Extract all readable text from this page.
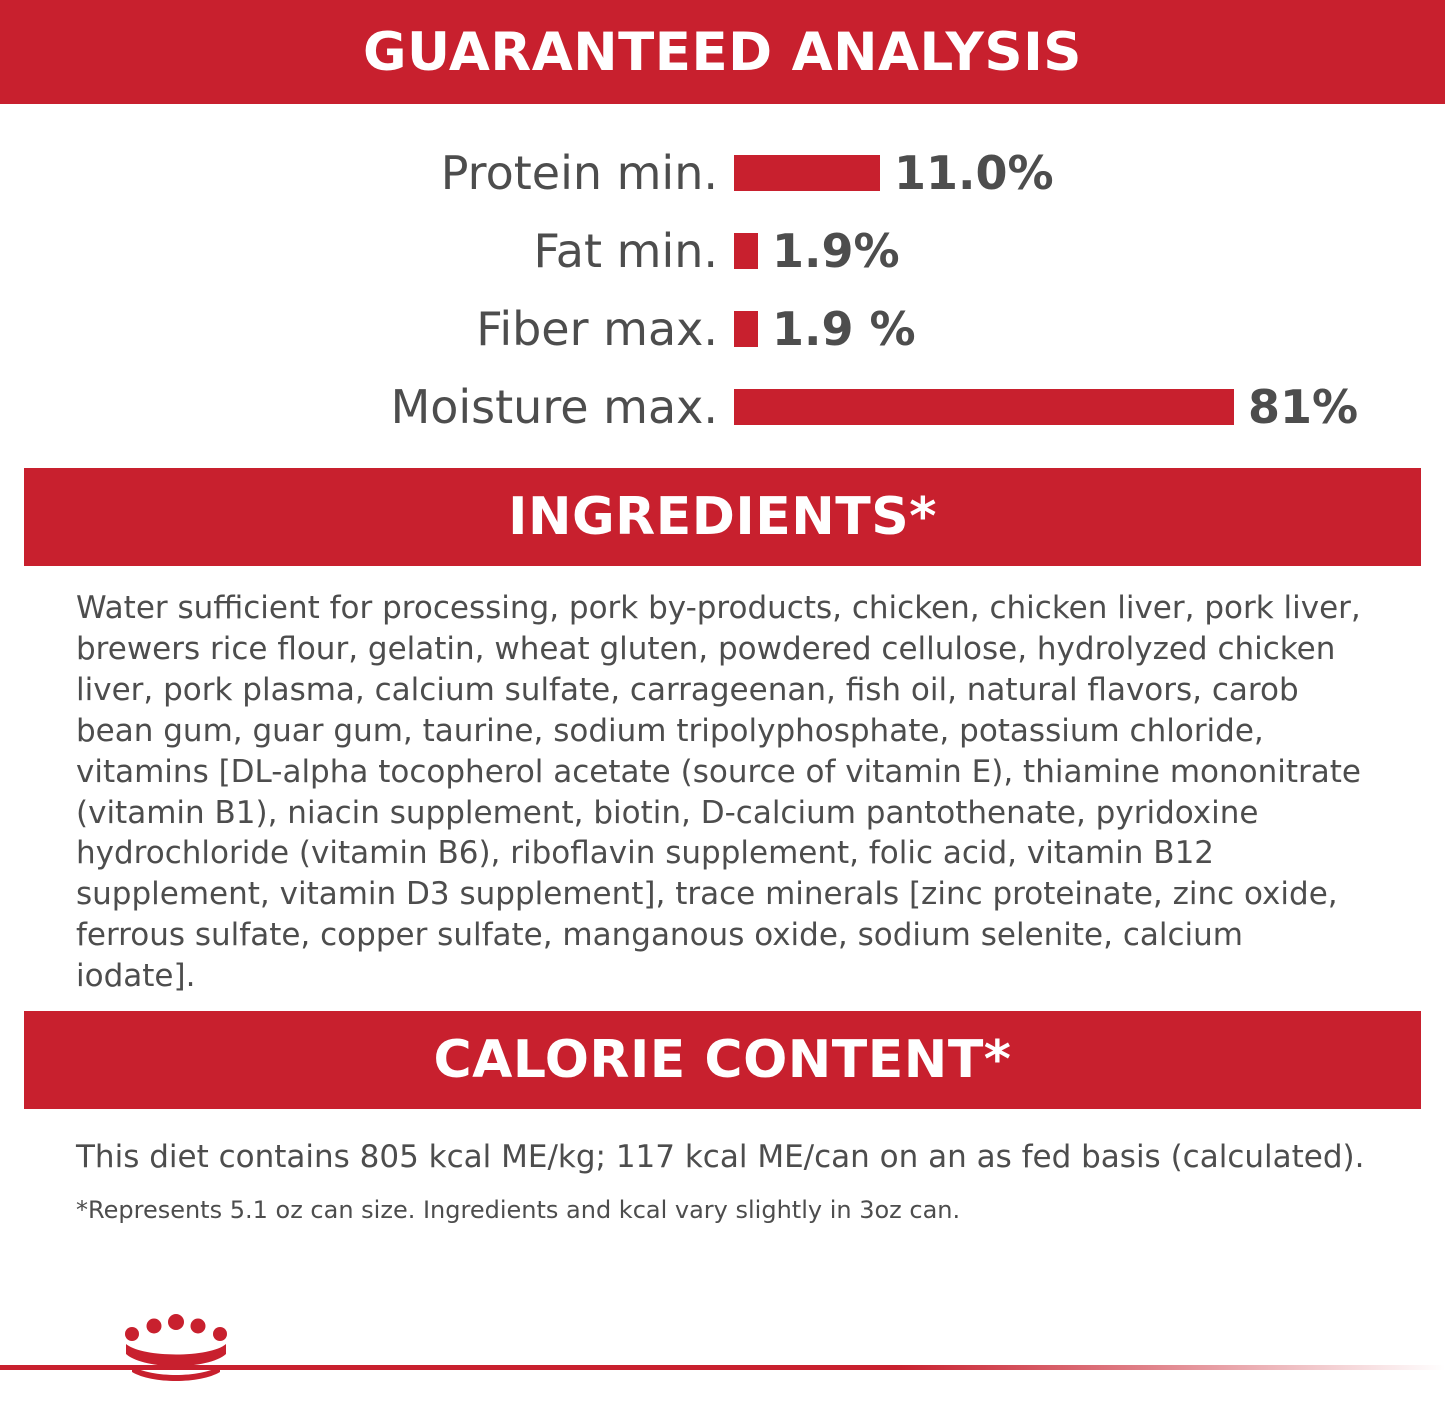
GUARANTEED ANALYSIS
Protein min.	11.0%
Fat min. 1.9%
Fiber max. 1.9 %
Moisture max.	81%
INGREDIENTS*
Water sufficient for processing, pork by-products, chicken, chicken liver, pork liver, brewers rice flour, gelatin, wheat gluten, powdered cellulose, hydrolyzed chicken liver, pork plasma, calcium sulfate, carrageenan, fish oil, natural flavors, carob bean gum, guar gum, taurine, sodium tripolyphosphate, potassium chloride, vitamins [DL-alpha tocopherol acetate (source of vitamin E), thiamine mononitrate (vitamin B1), niacin supplement, biotin, D-calcium pantothenate, pyridoxine hydrochloride (vitamin B6), riboflavin supplement, folic acid, vitamin B12 supplement, vitamin D3 supplement], trace minerals [zinc proteinate, zinc oxide, ferrous sulfate, copper sulfate, manganous oxide, sodium selenite, calcium iodate].
CALORIE CONTENT*
This diet contains 805 kcal ME/kg; 117 kcal ME/can on an as fed basis (calculated).
*Represents 5.1 oz can size. Ingredients and kcal vary slightly in 3oz can.
